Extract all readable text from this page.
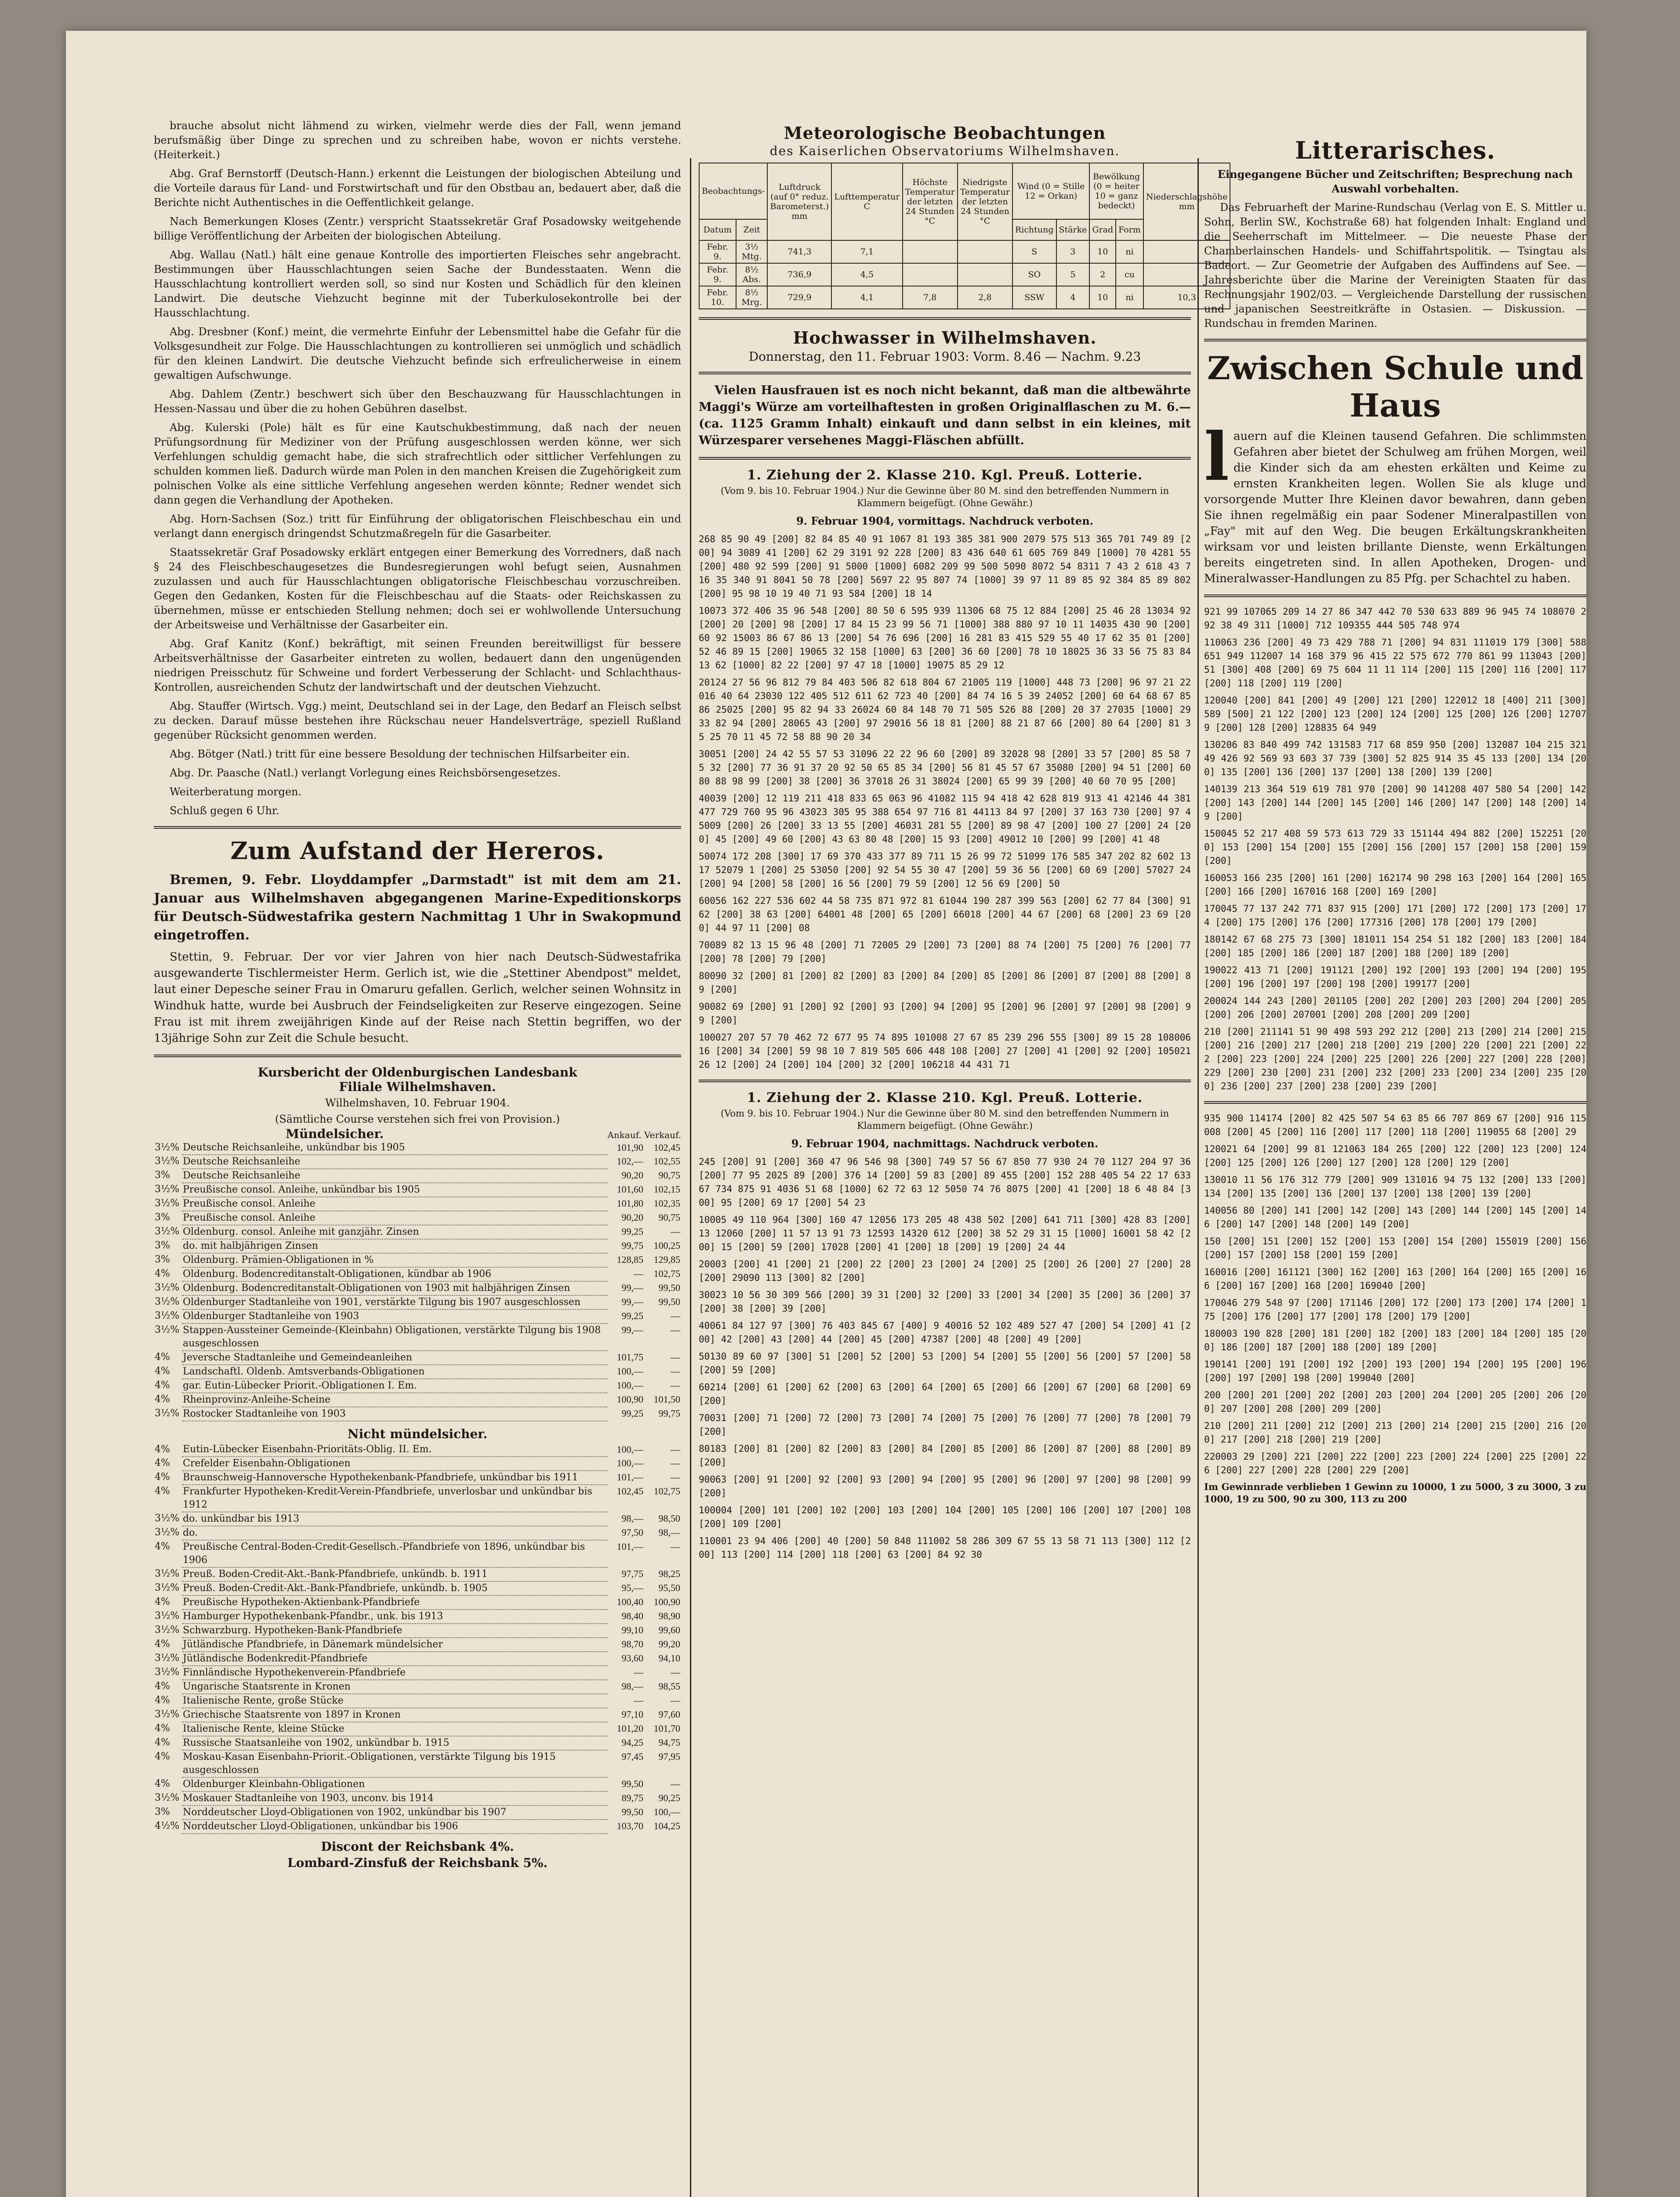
brauche absolut nicht lähmend zu wirken, vielmehr werde dies der Fall, wenn jemand berufsmäßig über Dinge zu sprechen und zu schreiben habe, wovon er nichts verstehe. (Heiterkeit.)

Abg. Graf Bernstorff (Deutsch-Hann.) erkennt die Leistungen der biologischen Abteilung und die Vorteile daraus für Land- und Forstwirtschaft und für den Obstbau an, bedauert aber, daß die Berichte nicht Authentisches in die Oeffentlichkeit gelange.

Nach Bemerkungen Kloses (Zentr.) verspricht Staatssekretär Graf Posadowsky weitgehende billige Veröffentlichung der Arbeiten der biologischen Abteilung.

Abg. Wallau (Natl.) hält eine genaue Kontrolle des importierten Fleisches sehr angebracht. Bestimmungen über Hausschlachtungen seien Sache der Bundesstaaten. Wenn die Hausschlachtung kontrolliert werden soll, so sind nur Kosten und Schädlich für den kleinen Landwirt. Die deutsche Viehzucht beginne mit der Tuberkulosekontrolle bei der Hausschlachtung.

Abg. Dresbner (Konf.) meint, die vermehrte Einfuhr der Lebensmittel habe die Gefahr für die Volksgesundheit zur Folge. Die Hausschlachtungen zu kontrollieren sei unmöglich und schädlich für den kleinen Landwirt. Die deutsche Viehzucht befinde sich erfreulicherweise in einem gewaltigen Aufschwunge.

Abg. Dahlem (Zentr.) beschwert sich über den Beschauzwang für Hausschlachtungen in Hessen-Nassau und über die zu hohen Gebühren daselbst.

Abg. Kulerski (Pole) hält es für eine Kautschukbestimmung, daß nach der neuen Prüfungsordnung für Mediziner von der Prüfung ausgeschlossen werden könne, wer sich Verfehlungen schuldig gemacht habe, die sich strafrechtlich oder sittlicher Verfehlungen zu schulden kommen ließ. Dadurch würde man Polen in den manchen Kreisen die Zugehörigkeit zum polnischen Volke als eine sittliche Verfehlung angesehen werden könnte; Redner wendet sich dann gegen die Verhandlung der Apotheken.

Abg. Horn-Sachsen (Soz.) tritt für Einführung der obligatorischen Fleischbeschau ein und verlangt dann energisch dringendst Schutzmaßregeln für die Gasarbeiter.

Staatssekretär Graf Posadowsky erklärt entgegen einer Bemerkung des Vorredners, daß nach § 24 des Fleischbeschaugesetzes die Bundesregierungen wohl befugt seien, Ausnahmen zuzulassen und auch für Hausschlachtungen obligatorische Fleischbeschau vorzuschreiben. Gegen den Gedanken, Kosten für die Fleischbeschau auf die Staats- oder Reichskassen zu übernehmen, müsse er entschieden Stellung nehmen; doch sei er wohlwollende Untersuchung der Arbeitsweise und Verhältnisse der Gasarbeiter ein.

Abg. Graf Kanitz (Konf.) bekräftigt, mit seinen Freunden bereitwilligst für bessere Arbeitsverhältnisse der Gasarbeiter eintreten zu wollen, bedauert dann den ungenügenden niedrigen Preisschutz für Schweine und fordert Verbesserung der Schlacht- und Schlachthaus-Kontrollen, ausreichenden Schutz der landwirtschaft und der deutschen Viehzucht.

Abg. Stauffer (Wirtsch. Vgg.) meint, Deutschland sei in der Lage, den Bedarf an Fleisch selbst zu decken. Darauf müsse bestehen ihre Rückschau neuer Handelsverträge, speziell Rußland gegenüber Rücksicht genommen werden.

Abg. Bötger (Natl.) tritt für eine bessere Besoldung der technischen Hilfsarbeiter ein.

Abg. Dr. Paasche (Natl.) verlangt Vorlegung eines Reichsbörsengesetzes.

Weiterberatung morgen.

Schluß gegen 6 Uhr.

Zum Aufstand der Hereros.

Bremen, 9. Febr. Lloyddampfer „Darmstadt" ist mit dem am 21. Januar aus Wilhelmshaven abgegangenen Marine-Expeditionskorps für Deutsch-Südwestafrika gestern Nachmittag 1 Uhr in Swakopmund eingetroffen.

Stettin, 9. Februar. Der vor vier Jahren von hier nach Deutsch-Südwestafrika ausgewanderte Tischlermeister Herm. Gerlich ist, wie die „Stettiner Abendpost" meldet, laut einer Depesche seiner Frau in Omaruru gefallen. Gerlich, welcher seinen Wohnsitz in Windhuk hatte, wurde bei Ausbruch der Feindseligkeiten zur Reserve eingezogen. Seine Frau ist mit ihrem zweijährigen Kinde auf der Reise nach Stettin begriffen, wo der 13jährige Sohn zur Zeit die Schule besucht.

Kursbericht der Oldenburgischen Landesbank

Filiale Wilhelmshaven.

Wilhelmshaven, 10. Februar 1904.

(Sämtliche Course verstehen sich frei von Provision.)

Mündelsicher.	Ankauf. Verkauf.
3½%	Deutsche Reichsanleihe, unkündbar bis 1905	101,90	102,45
3½%	Deutsche Reichsanleihe	102,—	102,55
3%	Deutsche Reichsanleihe	90,20	90,75
3½%	Preußische consol. Anleihe, unkündbar bis 1905	101,60	102,15
3½%	Preußische consol. Anleihe	101,80	102,35
3%	Preußische consol. Anleihe	90,20	90,75
3½%	Oldenburg. consol. Anleihe mit ganzjähr. Zinsen	99,25	—
3%	do. mit halbjährigen Zinsen	99,75	100,25
3%	Oldenburg. Prämien-Obligationen in %	128,85	129,85
4%	Oldenburg. Bodencreditanstalt-Obligationen, kündbar ab 1906	—	102,75
3½%	Oldenburg. Bodencreditanstalt-Obligationen von 1903 mit halbjährigen Zinsen	99,—	99,50
3½%	Oldenburger Stadtanleihe von 1901, verstärkte Tilgung bis 1907 ausgeschlossen	99,—	99,50
3½%	Oldenburger Stadtanleihe von 1903	99,25	—
3½%	Stappen-Aussteiner Gemeinde-(Kleinbahn) Obligationen, verstärkte Tilgung bis 1908 ausgeschlossen	99,—	—
4%	Jeversche Stadtanleihe und Gemeindeanleihen	101,75	—
4%	Landschaftl. Oldenb. Amtsverbands-Obligationen	100,—	—
4%	gar. Eutin-Lübecker Priorit.-Obligationen I. Em.	100,—	—
4%	Rheinprovinz-Anleihe-Scheine	100,90	101,50
3½%	Rostocker Stadtanleihe von 1903	99,25	99,75

Nicht mündelsicher.

4%	Eutin-Lübecker Eisenbahn-Prioritäts-Oblig. II. Em.	100,—	—
4%	Crefelder Eisenbahn-Obligationen	100,—	—
4%	Braunschweig-Hannoversche Hypothekenbank-Pfandbriefe, unkündbar bis 1911	101,—	—
4%	Frankfurter Hypotheken-Kredit-Verein-Pfandbriefe, unverlosbar und unkündbar bis 1912	102,45	102,75
3½%	do. unkündbar bis 1913	98,—	98,50
3½%	do.	97,50	98,—
4%	Preußische Central-Boden-Credit-Gesellsch.-Pfandbriefe von 1896, unkündbar bis 1906	101,—	—
3½%	Preuß. Boden-Credit-Akt.-Bank-Pfandbriefe, unkündb. b. 1911	97,75	98,25
3½%	Preuß. Boden-Credit-Akt.-Bank-Pfandbriefe, unkündb. b. 1905	95,—	95,50
4%	Preußische Hypotheken-Aktienbank-Pfandbriefe	100,40	100,90
3½%	Hamburger Hypothekenbank-Pfandbr., unk. bis 1913	98,40	98,90
3½%	Schwarzburg. Hypotheken-Bank-Pfandbriefe	99,10	99,60
4%	Jütländische Pfandbriefe, in Dänemark mündelsicher	98,70	99,20
3½%	Jütländische Bodenkredit-Pfandbriefe	93,60	94,10
3½%	Finnländische Hypothekenverein-Pfandbriefe	—	—
4%	Ungarische Staatsrente in Kronen	98,—	98,55
4%	Italienische Rente, große Stücke	—	—
3½%	Griechische Staatsrente von 1897 in Kronen	97,10	97,60
4%	Italienische Rente, kleine Stücke	101,20	101,70
4%	Russische Staatsanleihe von 1902, unkündbar b. 1915	94,25	94,75
4%	Moskau-Kasan Eisenbahn-Priorit.-Obligationen, verstärkte Tilgung bis 1915 ausgeschlossen	97,45	97,95
4%	Oldenburger Kleinbahn-Obligationen	99,50	—
3½%	Moskauer Stadtanleihe von 1903, unconv. bis 1914	89,75	90,25
3%	Norddeutscher Lloyd-Obligationen von 1902, unkündbar bis 1907	99,50	100,—
4½%	Norddeutscher Lloyd-Obligationen, unkündbar bis 1906	103,70	104,25

Discont der Reichsbank 4%.

Lombard-Zinsfuß der Reichsbank 5%.

Meteorologische Beobachtungen

des Kaiserlichen Observatoriums Wilhelmshaven.

Beobachtungs-		Luftdruck (auf 0° reduz. Barometerst.) mm	Lufttemperatur C	Höchste Temperatur der letzten 24 Stunden °C	Niedrigste Temperatur der letzten 24 Stunden °C	Wind (0 = Stille 12 = Orkan)		Bewölkung (0 = heiter 10 = ganz bedeckt)		Niederschlagshöhe mm
Datum	Zeit					Richtung	Stärke	Grad	Form	
Febr. 9.	3½ Mtg.	741,3	7,1			S	3	10	ni	
Febr. 9.	8½ Abs.	736,9	4,5			SO	5	2	cu	
Febr. 10.	8½ Mrg.	729,9	4,1	7,8	2,8	SSW	4	10	ni	10,3
Hochwasser in Wilhelmshaven.

Donnerstag, den 11. Februar 1903: Vorm. 8.46 — Nachm. 9.23

Vielen Hausfrauen ist es noch nicht bekannt, daß man die altbewährte Maggi's Würze am vorteilhaftesten in großen Originalflaschen zu M. 6.— (ca. 1125 Gramm Inhalt) einkauft und dann selbst in ein kleines, mit Würzesparer versehenes Maggi-Fläschen abfüllt.

1. Ziehung der 2. Klasse 210. Kgl. Preuß. Lotterie.

(Vom 9. bis 10. Februar 1904.) Nur die Gewinne über 80 M. sind den betreffenden Nummern in Klammern beigefügt. (Ohne Gewähr.)

9. Februar 1904, vormittags. Nachdruck verboten.

268 85 90 49 [200] 82 84 85 40 91 1067 81 193 385 381 900 2079 575 513 365 701 749 89 [200] 94 3089 41 [200] 62 29 3191 92 228 [200] 83 436 640 61 605 769 849 [1000] 70 4281 55 [200] 480 92 599 [200] 91 5000 [1000] 6082 209 99 500 5090 8072 54 8311 7 43 2 618 43 7 16 35 340 91 8041 50 78 [200] 5697 22 95 807 74 [1000] 39 97 11 89 85 92 384 85 89 802 [200] 95 98 10 19 40 71 93 584 [200] 18 14

10073 372 406 35 96 548 [200] 80 50 6 595 939 11306 68 75 12 884 [200] 25 46 28 13034 92 [200] 20 [200] 98 [200] 17 84 15 23 99 56 71 [1000] 388 880 97 10 11 14035 430 90 [200] 60 92 15003 86 67 86 13 [200] 54 76 696 [200] 16 281 83 415 529 55 40 17 62 35 01 [200] 52 46 89 15 [200] 19065 32 158 [1000] 63 [200] 36 60 [200] 78 10 18025 36 33 56 75 83 84 13 62 [1000] 82 22 [200] 97 47 18 [1000] 19075 85 29 12

20124 27 56 96 812 79 84 403 506 82 618 804 67 21005 119 [1000] 448 73 [200] 96 97 21 22016 40 64 23030 122 405 512 611 62 723 40 [200] 84 74 16 5 39 24052 [200] 60 64 68 67 85 86 25025 [200] 95 82 94 33 26024 60 84 148 70 71 505 526 88 [200] 20 37 27035 [1000] 29 33 82 94 [200] 28065 43 [200] 97 29016 56 18 81 [200] 88 21 87 66 [200] 80 64 [200] 81 35 25 70 11 45 72 58 88 90 20 34

30051 [200] 24 42 55 57 53 31096 22 22 96 60 [200] 89 32028 98 [200] 33 57 [200] 85 58 75 32 [200] 77 36 91 37 20 92 50 65 85 34 [200] 56 81 45 57 67 35080 [200] 94 51 [200] 60 80 88 98 99 [200] 38 [200] 36 37018 26 31 38024 [200] 65 99 39 [200] 40 60 70 95 [200]

40039 [200] 12 119 211 418 833 65 063 96 41082 115 94 418 42 628 819 913 41 42146 44 381 477 729 760 95 96 43023 305 95 388 654 97 716 81 44113 84 97 [200] 37 163 730 [200] 97 45009 [200] 26 [200] 33 13 55 [200] 46031 281 55 [200] 89 98 47 [200] 100 27 [200] 24 [200] 45 [200] 49 60 [200] 43 63 80 48 [200] 15 93 [200] 49012 10 [200] 99 [200] 41 48

50074 172 208 [300] 17 69 370 433 377 89 711 15 26 99 72 51099 176 585 347 202 82 602 13 17 52079 1 [200] 25 53050 [200] 92 54 55 30 47 [200] 59 36 56 [200] 60 69 [200] 57027 24 [200] 94 [200] 58 [200] 16 56 [200] 79 59 [200] 12 56 69 [200] 50

60056 162 227 536 602 44 58 735 871 972 81 61044 190 287 399 563 [200] 62 77 84 [300] 91 62 [200] 38 63 [200] 64001 48 [200] 65 [200] 66018 [200] 44 67 [200] 68 [200] 23 69 [200] 44 97 11 [200] 08

70089 82 13 15 96 48 [200] 71 72005 29 [200] 73 [200] 88 74 [200] 75 [200] 76 [200] 77 [200] 78 [200] 79 [200]

80090 32 [200] 81 [200] 82 [200] 83 [200] 84 [200] 85 [200] 86 [200] 87 [200] 88 [200] 89 [200]

90082 69 [200] 91 [200] 92 [200] 93 [200] 94 [200] 95 [200] 96 [200] 97 [200] 98 [200] 99 [200]

100027 207 57 70 462 72 677 95 74 895 101008 27 67 85 239 296 555 [300] 89 15 28 108006 16 [200] 34 [200] 59 98 10 7 819 505 606 448 108 [200] 27 [200] 41 [200] 92 [200] 105021 26 12 [200] 24 [200] 104 [200] 32 [200] 106218 44 431 71

1. Ziehung der 2. Klasse 210. Kgl. Preuß. Lotterie.

(Vom 9. bis 10. Februar 1904.) Nur die Gewinne über 80 M. sind den betreffenden Nummern in Klammern beigefügt. (Ohne Gewähr.)

9. Februar 1904, nachmittags. Nachdruck verboten.

245 [200] 91 [200] 360 47 96 546 98 [300] 749 57 56 67 850 77 930 24 70 1127 204 97 36 [200] 77 95 2025 89 [200] 376 14 [200] 59 83 [200] 89 455 [200] 152 288 405 54 22 17 633 67 734 875 91 4036 51 68 [1000] 62 72 63 12 5050 74 76 8075 [200] 41 [200] 18 6 48 84 [300] 95 [200] 69 17 [200] 54 23

10005 49 110 964 [300] 160 47 12056 173 205 48 438 502 [200] 641 711 [300] 428 83 [200] 13 12060 [200] 11 57 13 91 73 12593 14320 612 [200] 38 52 29 31 15 [1000] 16001 58 42 [200] 15 [200] 59 [200] 17028 [200] 41 [200] 18 [200] 19 [200] 24 44

20003 [200] 41 [200] 21 [200] 22 [200] 23 [200] 24 [200] 25 [200] 26 [200] 27 [200] 28 [200] 29090 113 [300] 82 [200]

30023 10 56 30 309 566 [200] 39 31 [200] 32 [200] 33 [200] 34 [200] 35 [200] 36 [200] 37 [200] 38 [200] 39 [200]

40061 84 127 97 [300] 76 403 845 67 [400] 9 40016 52 102 489 527 47 [200] 54 [200] 41 [200] 42 [200] 43 [200] 44 [200] 45 [200] 47387 [200] 48 [200] 49 [200]

50130 89 60 97 [300] 51 [200] 52 [200] 53 [200] 54 [200] 55 [200] 56 [200] 57 [200] 58 [200] 59 [200]

60214 [200] 61 [200] 62 [200] 63 [200] 64 [200] 65 [200] 66 [200] 67 [200] 68 [200] 69 [200]

70031 [200] 71 [200] 72 [200] 73 [200] 74 [200] 75 [200] 76 [200] 77 [200] 78 [200] 79 [200]

80183 [200] 81 [200] 82 [200] 83 [200] 84 [200] 85 [200] 86 [200] 87 [200] 88 [200] 89 [200]

90063 [200] 91 [200] 92 [200] 93 [200] 94 [200] 95 [200] 96 [200] 97 [200] 98 [200] 99 [200]

100004 [200] 101 [200] 102 [200] 103 [200] 104 [200] 105 [200] 106 [200] 107 [200] 108 [200] 109 [200]

110001 23 94 406 [200] 40 [200] 50 848 111002 58 286 309 67 55 13 58 71 113 [300] 112 [200] 113 [200] 114 [200] 118 [200] 63 [200] 84 92 30

Litterarisches.

Eingegangene Bücher und Zeitschriften; Besprechung nach Auswahl vorbehalten.

Das Februarheft der Marine-Rundschau (Verlag von E. S. Mittler u. Sohn, Berlin SW., Kochstraße 68) hat folgenden Inhalt: England und die Seeherrschaft im Mittelmeer. — Die neueste Phase der Chamberlainschen Handels- und Schiffahrtspolitik. — Tsingtau als Badeort. — Zur Geometrie der Aufgaben des Auffindens auf See. — Jahresberichte über die Marine der Vereinigten Staaten für das Rechnungsjahr 1902/03. — Vergleichende Darstellung der russischen und japanischen Seestreitkräfte in Ostasien. — Diskussion. — Rundschau in fremden Marinen.

Zwischen Schule und Haus
l auern auf die Kleinen tausend Gefahren. Die schlimmsten Gefahren aber bietet der Schulweg am frühen Morgen, weil die Kinder sich da am ehesten erkälten und Keime zu ernsten Krankheiten legen. Wollen Sie als kluge und vorsorgende Mutter Ihre Kleinen davor bewahren, dann geben Sie ihnen regelmäßig ein paar Sodener Mineralpastillen von „Fay" mit auf den Weg. Die beugen Erkältungskrankheiten wirksam vor und leisten brillante Dienste, wenn Erkältungen bereits eingetreten sind. In allen Apotheken, Drogen- und Mineralwasser-Handlungen zu 85 Pfg. per Schachtel zu haben.

921 99 107065 209 14 27 86 347 442 70 530 633 889 96 945 74 108070 292 38 49 311 [1000] 712 109355 444 505 748 974

110063 236 [200] 49 73 429 788 71 [200] 94 831 111019 179 [300] 588 651 949 112007 14 168 379 96 415 22 575 672 770 861 99 113043 [200] 51 [300] 408 [200] 69 75 604 11 11 114 [200] 115 [200] 116 [200] 117 [200] 118 [200] 119 [200]

120040 [200] 841 [200] 49 [200] 121 [200] 122012 18 [400] 211 [300] 589 [500] 21 122 [200] 123 [200] 124 [200] 125 [200] 126 [200] 127079 [200] 128 [200] 128835 64 949

130206 83 840 499 742 131583 717 68 859 950 [200] 132087 104 215 321 49 426 92 569 93 603 37 739 [300] 52 825 914 35 45 133 [200] 134 [200] 135 [200] 136 [200] 137 [200] 138 [200] 139 [200]

140139 213 364 519 619 781 970 [200] 90 141208 407 580 54 [200] 142 [200] 143 [200] 144 [200] 145 [200] 146 [200] 147 [200] 148 [200] 149 [200]

150045 52 217 408 59 573 613 729 33 151144 494 882 [200] 152251 [200] 153 [200] 154 [200] 155 [200] 156 [200] 157 [200] 158 [200] 159 [200]

160053 166 235 [200] 161 [200] 162174 90 298 163 [200] 164 [200] 165 [200] 166 [200] 167016 168 [200] 169 [200]

170045 77 137 242 771 837 915 [200] 171 [200] 172 [200] 173 [200] 174 [200] 175 [200] 176 [200] 177316 [200] 178 [200] 179 [200]

180142 67 68 275 73 [300] 181011 154 254 51 182 [200] 183 [200] 184 [200] 185 [200] 186 [200] 187 [200] 188 [200] 189 [200]

190022 413 71 [200] 191121 [200] 192 [200] 193 [200] 194 [200] 195 [200] 196 [200] 197 [200] 198 [200] 199177 [200]

200024 144 243 [200] 201105 [200] 202 [200] 203 [200] 204 [200] 205 [200] 206 [200] 207001 [200] 208 [200] 209 [200]

210 [200] 211141 51 90 498 593 292 212 [200] 213 [200] 214 [200] 215 [200] 216 [200] 217 [200] 218 [200] 219 [200] 220 [200] 221 [200] 222 [200] 223 [200] 224 [200] 225 [200] 226 [200] 227 [200] 228 [200] 229 [200] 230 [200] 231 [200] 232 [200] 233 [200] 234 [200] 235 [200] 236 [200] 237 [200] 238 [200] 239 [200]

935 900 114174 [200] 82 425 507 54 63 85 66 707 869 67 [200] 916 115008 [200] 45 [200] 116 [200] 117 [200] 118 [200] 119055 68 [200] 29

120021 64 [200] 99 81 121063 184 265 [200] 122 [200] 123 [200] 124 [200] 125 [200] 126 [200] 127 [200] 128 [200] 129 [200]

130010 11 56 176 312 779 [200] 909 131016 94 75 132 [200] 133 [200] 134 [200] 135 [200] 136 [200] 137 [200] 138 [200] 139 [200]

140056 80 [200] 141 [200] 142 [200] 143 [200] 144 [200] 145 [200] 146 [200] 147 [200] 148 [200] 149 [200]

150 [200] 151 [200] 152 [200] 153 [200] 154 [200] 155019 [200] 156 [200] 157 [200] 158 [200] 159 [200]

160016 [200] 161121 [300] 162 [200] 163 [200] 164 [200] 165 [200] 166 [200] 167 [200] 168 [200] 169040 [200]

170046 279 548 97 [200] 171146 [200] 172 [200] 173 [200] 174 [200] 175 [200] 176 [200] 177 [200] 178 [200] 179 [200]

180003 190 828 [200] 181 [200] 182 [200] 183 [200] 184 [200] 185 [200] 186 [200] 187 [200] 188 [200] 189 [200]

190141 [200] 191 [200] 192 [200] 193 [200] 194 [200] 195 [200] 196 [200] 197 [200] 198 [200] 199040 [200]

200 [200] 201 [200] 202 [200] 203 [200] 204 [200] 205 [200] 206 [200] 207 [200] 208 [200] 209 [200]

210 [200] 211 [200] 212 [200] 213 [200] 214 [200] 215 [200] 216 [200] 217 [200] 218 [200] 219 [200]

220003 29 [200] 221 [200] 222 [200] 223 [200] 224 [200] 225 [200] 226 [200] 227 [200] 228 [200] 229 [200]

Im Gewinnrade verblieben 1 Gewinn zu 10000, 1 zu 5000, 3 zu 3000, 3 zu 1000, 19 zu 500, 90 zu 300, 113 zu 200
